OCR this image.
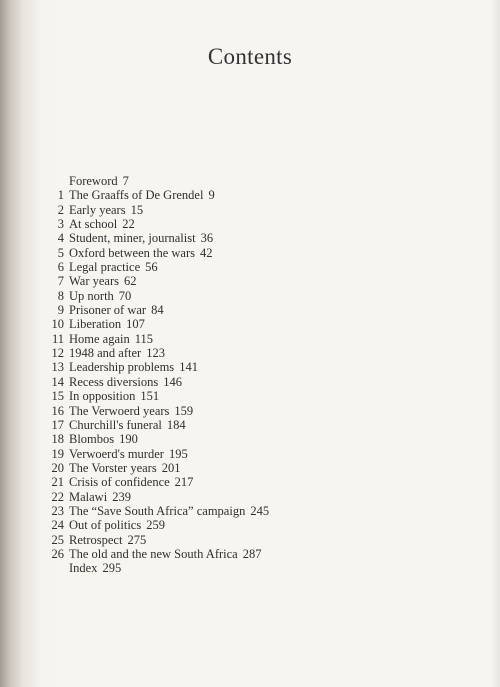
Contents
Foreword 7
1 The Graaffs of De Grendel 9
2 Early years 15
3 At school 22
4 Student, miner, journalist 36
5 Oxford between the wars 42
6 Legal practice 56
7 War years 62
8 Up north 70
9 Prisoner of war 84
10 Liberation 107
11 Home again 115
12 1948 and after 123
13 Leadership problems 141
14 Recess diversions 146
15 In opposition 151
16 The Verwoerd years 159
17 Churchill's funeral 184
18 Blombos 190
19 Verwoerd's murder 195
20 The Vorster years 201
21 Crisis of confidence 217
22 Malawi 239
23 The “Save South Africa” campaign 245
24 Out of politics 259
25 Retrospect 275
26 The old and the new South Africa 287
Index 295
